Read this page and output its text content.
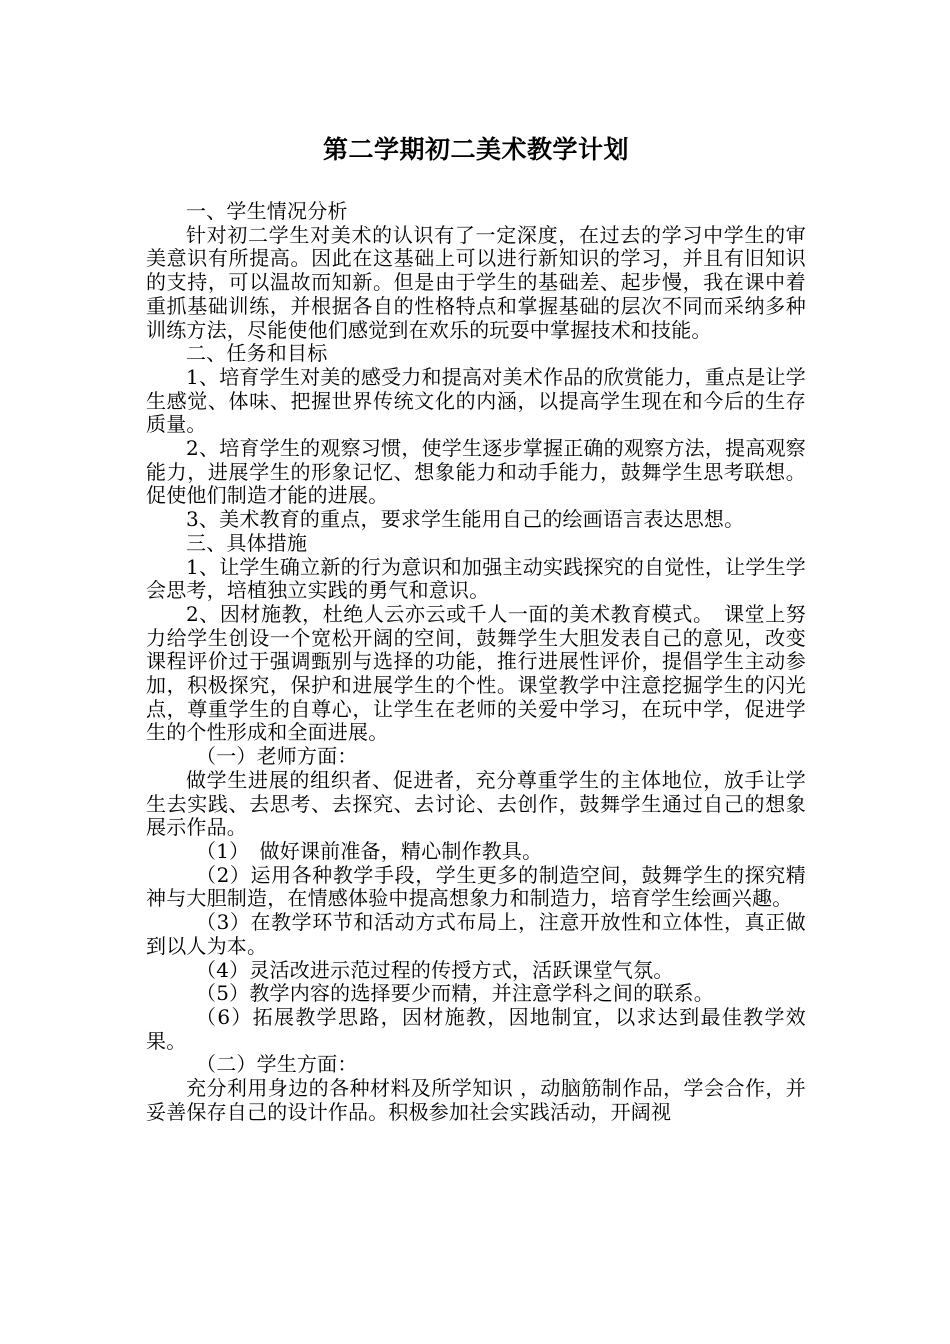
第二学期初二美术教学计划

一、学生情况分析

针对初二学生对美术的认识有了一定深度，在过去的学习中学生的审美意识有所提高。因此在这基础上可以进行新知识的学习，并且有旧知识的支持，可以温故而知新。但是由于学生的基础差、起步慢，我在课中着重抓基础训练，并根据各自的性格特点和掌握基础的层次不同而采纳多种训练方法，尽能使他们感觉到在欢乐的玩耍中掌握技术和技能。

二、任务和目标

1、培育学生对美的感受力和提高对美术作品的欣赏能力，重点是让学生感觉、体味、把握世界传统文化的内涵，以提高学生现在和今后的生存质量。

2、培育学生的观察习惯，使学生逐步掌握正确的观察方法，提高观察能力，进展学生的形象记忆、想象能力和动手能力，鼓舞学生思考联想。促使他们制造才能的进展。

3、美术教育的重点，要求学生能用自己的绘画语言表达思想。

三、具体措施

1、让学生确立新的行为意识和加强主动实践探究的自觉性，让学生学会思考，培植独立实践的勇气和意识。

2、因材施教，杜绝人云亦云或千人一面的美术教育模式。　课堂上努力给学生创设一个宽松开阔的空间，鼓舞学生大胆发表自己的意见，改变课程评价过于强调甄别与选择的功能，推行进展性评价，提倡学生主动参加，积极探究，保护和进展学生的个性。课堂教学中注意挖掘学生的闪光点，尊重学生的自尊心，让学生在老师的关爱中学习，在玩中学，促进学生的个性形成和全面进展。

（一）老师方面：

做学生进展的组织者、促进者，充分尊重学生的主体地位，放手让学生去实践、去思考、去探究、去讨论、去创作，鼓舞学生通过自己的想象展示作品。

（1）　做好课前准备，精心制作教具。

（2）运用各种教学手段，学生更多的制造空间，鼓舞学生的探究精神与大胆制造，在情感体验中提高想象力和制造力，培育学生绘画兴趣。

（3）在教学环节和活动方式布局上，注意开放性和立体性，真正做到以人为本。

（4）灵活改进示范过程的传授方式，活跃课堂气氛。

（5）教学内容的选择要少而精，并注意学科之间的联系。

（6）拓展教学思路，因材施教，因地制宜，以求达到最佳教学效果。

（二）学生方面：

充分利用身边的各种材料及所学知识 ，动脑筋制作品，学会合作，并妥善保存自己的设计作品。积极参加社会实践活动，开阔视
